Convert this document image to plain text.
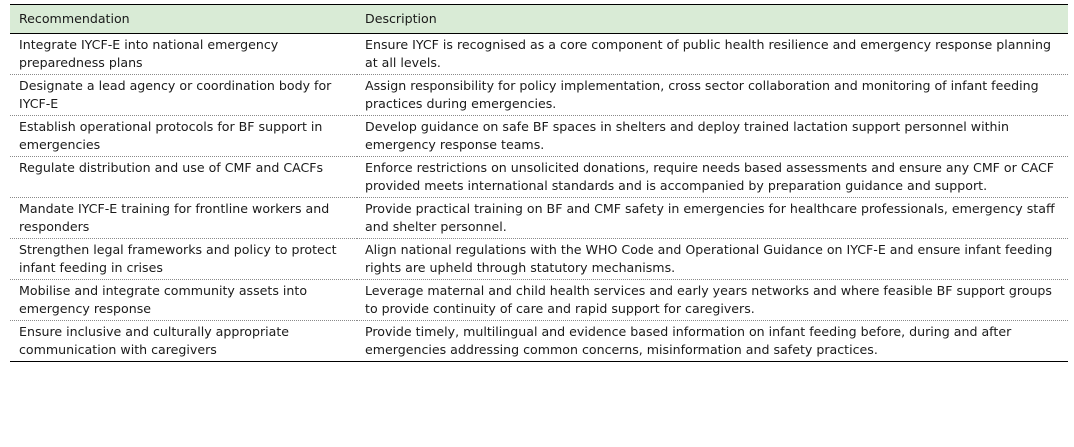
Recommendation	Description
Integrate IYCF-E into national emergency preparedness plans	Ensure IYCF is recognised as a core component of public health resilience and emergency response planning at all levels.
Designate a lead agency or coordination body for IYCF-E	Assign responsibility for policy implementation, cross sector collaboration and monitoring of infant feeding practices during emergencies.
Establish operational protocols for BF support in emergencies	Develop guidance on safe BF spaces in shelters and deploy trained lactation support personnel within emergency response teams.
Regulate distribution and use of CMF and CACFs	Enforce restrictions on unsolicited donations, require needs based assessments and ensure any CMF or CACF provided meets international standards and is accompanied by preparation guidance and support.
Mandate IYCF-E training for frontline workers and responders	Provide practical training on BF and CMF safety in emergencies for healthcare professionals, emergency staff and shelter personnel.
Strengthen legal frameworks and policy to protect infant feeding in crises	Align national regulations with the WHO Code and Operational Guidance on IYCF-E and ensure infant feeding rights are upheld through statutory mechanisms.
Mobilise and integrate community assets into emergency response	Leverage maternal and child health services and early years networks and where feasible BF support groups to provide continuity of care and rapid support for caregivers.
Ensure inclusive and culturally appropriate communication with caregivers	Provide timely, multilingual and evidence based information on infant feeding before, during and after emergencies addressing common concerns, misinformation and safety practices.
